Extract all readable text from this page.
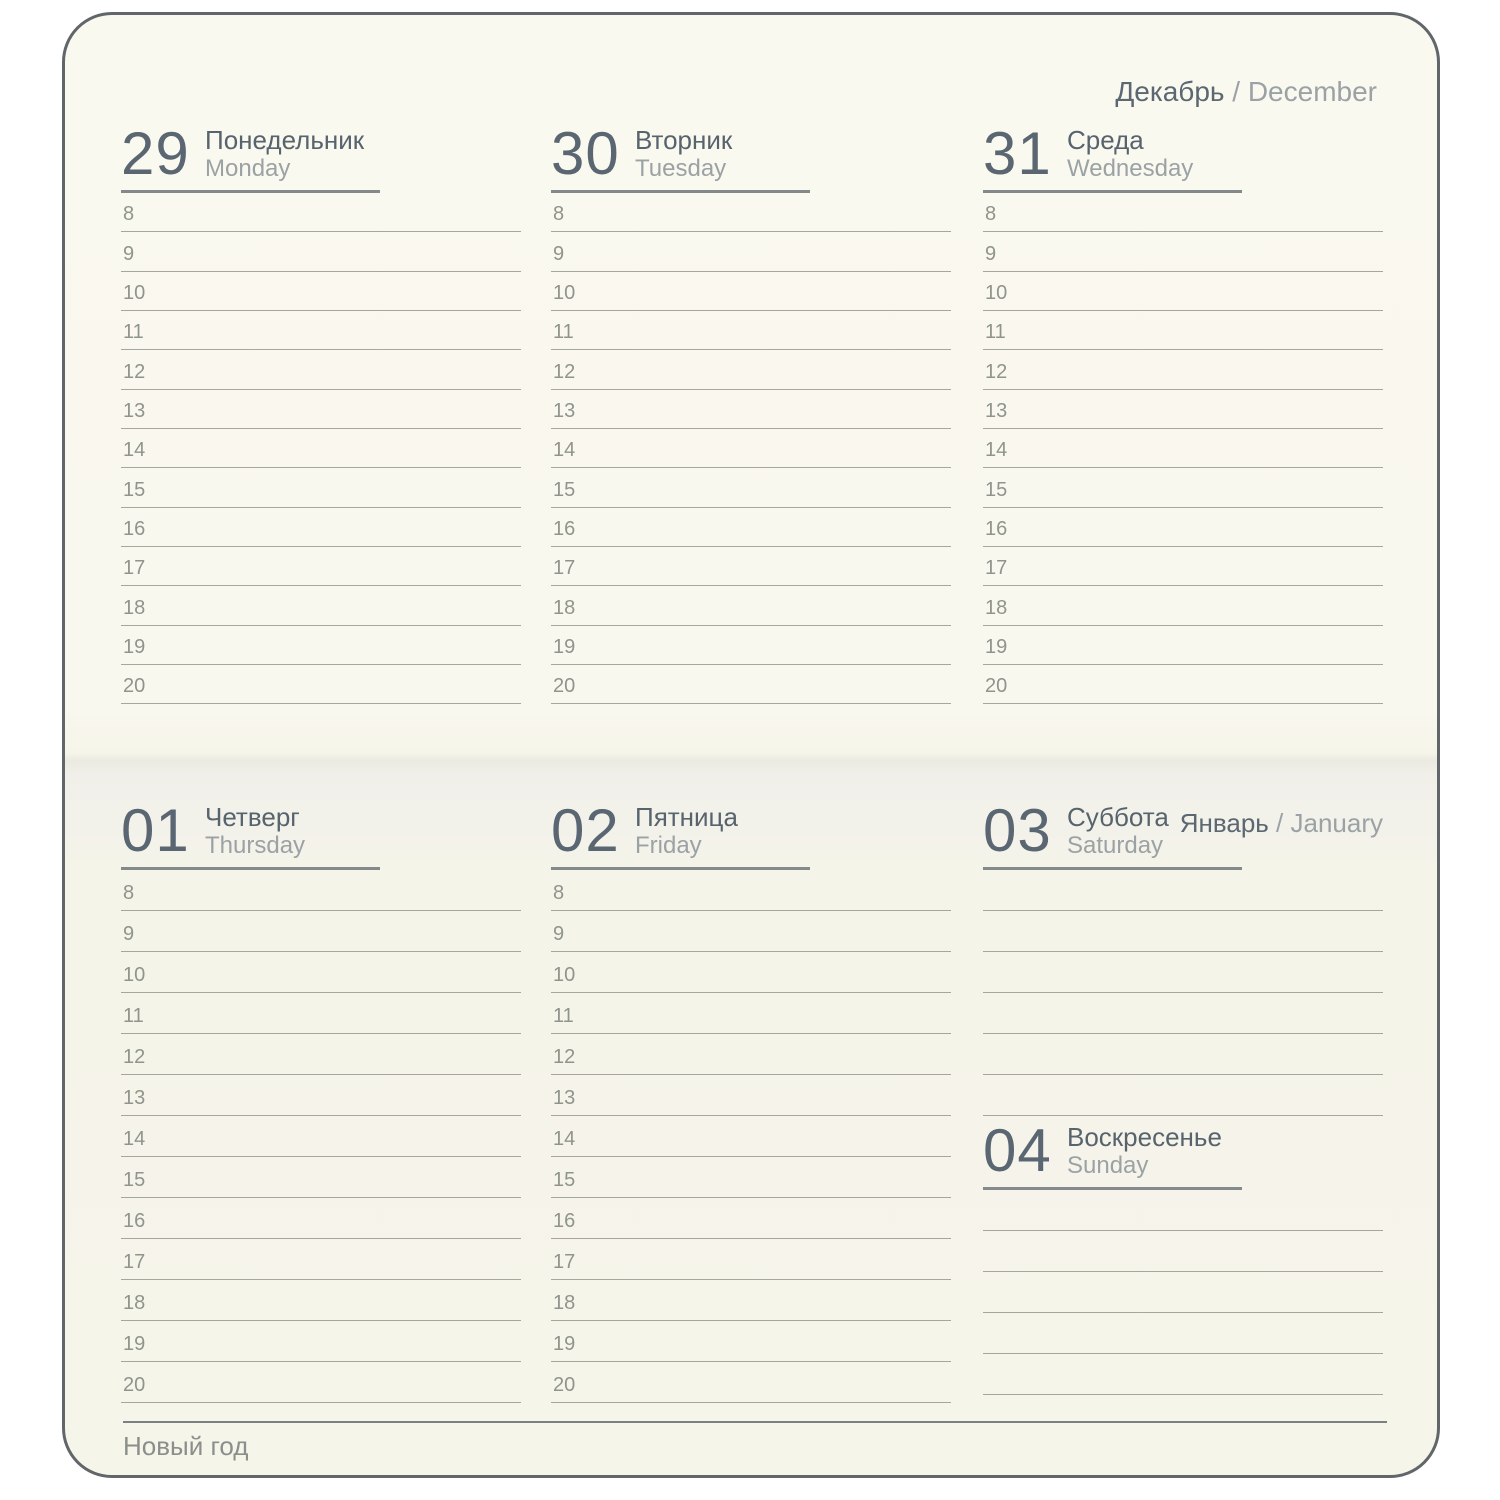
Декабрь / December
29 Понедельник
Monday
8
9
10
11
12
13
14
15
16
17
18
19
20
30 Вторник
Tuesday
8
9
10
11
12
13
14
15
16
17
18
19
20
31 Среда
Wednesday
8
9
10
11
12
13
14
15
16
17
18
19
20
01 Четверг
Thursday
8
9
10
11
12
13
14
15
16
17
18
19
20
02 Пятница
Friday
8
9
10
11
12
13
14
15
16
17
18
19
20
03 Суббота
Saturday
Январь / January
04 Воскресенье
Sunday
Новый год
